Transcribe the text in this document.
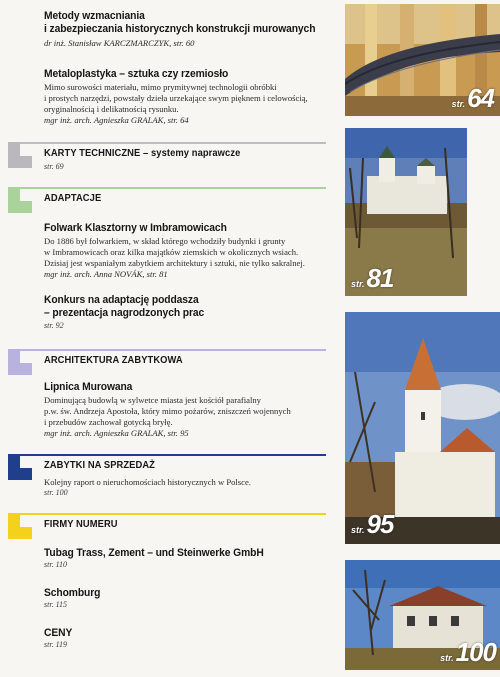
Metody wzmacniania
i zabezpieczania historycznych konstrukcji murowanych
dr inż. Stanisław KARCZMARCZYK, str. 60
Metaloplastyka – sztuka czy rzemiosło
Mimo surowości materiału, mimo prymitywnej technologii obróbki
i prostych narzędzi, powstały dzieła urzekające swym pięknem i celowością,
oryginalnością i delikatnością rysunku.
mgr inż. arch. Agnieszka GRALAK, str. 64
KARTY TECHNICZNE – systemy naprawcze
str. 69
ADAPTACJE
Folwark Klasztorny w Imbramowicach
Do 1886 był folwarkiem, w skład którego wchodziły budynki i grunty
w Imbramowicach oraz kilka majątków ziemskich w okolicznych wsiach.
Dzisiaj jest wspaniałym zabytkiem architektury i sztuki, nie tylko sakralnej.
mgr inż. arch. Anna NOVÁK, str. 81
Konkurs na adaptację poddasza
– prezentacja nagrodzonych prac
str. 92
ARCHITEKTURA ZABYTKOWA
Lipnica Murowana
Dominującą budowlą w sylwetce miasta jest kościół parafialny
p.w. św. Andrzeja Apostoła, który mimo pożarów, zniszczeń wojennych
i przebudów zachował gotycką bryłę.
mgr inż. arch. Agnieszka GRALAK, str. 95
ZABYTKI NA SPRZEDAŻ
Kolejny raport o nieruchomościach historycznych w Polsce.
str. 100
FIRMY NUMERU
Tubag Trass, Zement – und Steinwerke GmbH
str. 110
Schomburg
str. 115
CENY
str. 119
str.64
str.81
str.95
str.100
